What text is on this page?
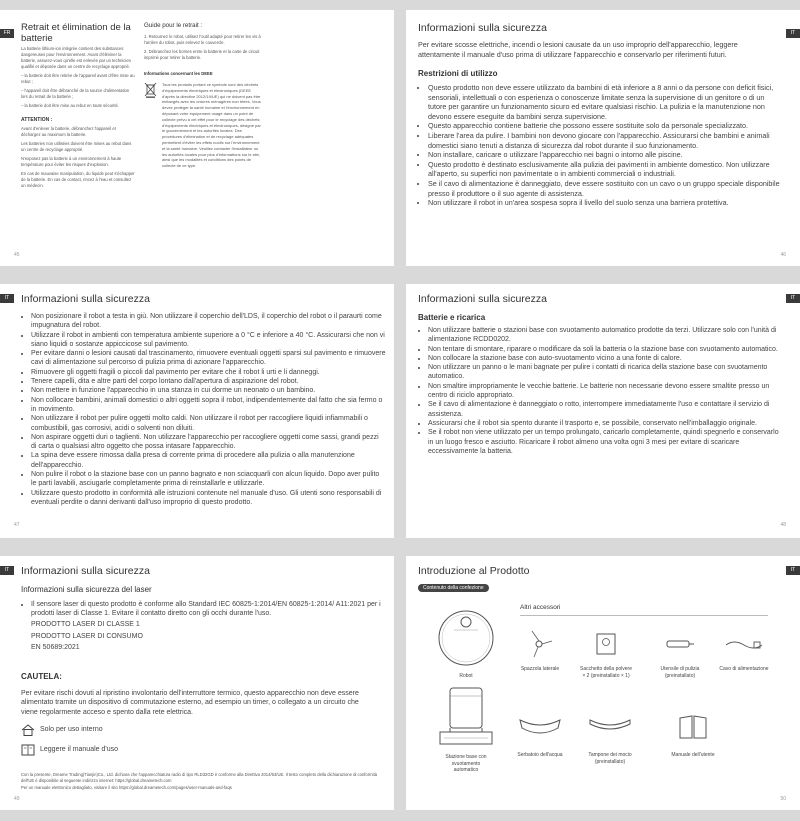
FR	Retrait et élimination de la batterie

La batterie lithium-ion intégrée contient des substances dangereuses pour l'environnement. Avant d'éliminer la batterie, assurez-vous qu'elle est enlevée par un technicien qualifié et déposée dans un centre de recyclage approprié.

– la batterie doit être retirée de l'appareil avant d'être mise au rebut ;

– l'appareil doit être débranché de la source d'alimentation lors du retrait de la batterie ;

– la batterie doit être mise au rebut en toute sécurité.

ATTENTION :

Avant d'enlever la batterie, débranchez l'appareil et déchargez au maximum la batterie.

Les batteries non utilisées doivent être mises au rebut dans un centre de recyclage approprié.

N'exposez pas la batterie à un environnement à haute température pour éviter les risques d'explosion.

En cas de mauvaise manipulation, du liquide peut s'échapper de la batterie. En cas de contact, rincez à l'eau et consultez un médecin.

Guide pour le retrait :

1. Retournez le robot, utilisez l'outil adapté pour retirer les vis à l'arrière du robot, puis enlevez le couvercle.

2. Débranchez les bornes entre la batterie et la carte de circuit imprimé pour retirer la batterie.

Informations concernant les DEEE

Tous les produits portant ce symbole sont des déchets d'équipements électriques et électroniques (DEEE d'après la directive 2012/19/UE) qui ne doivent pas être mélangés avec les ordures ménagères non triées. Vous devez protéger la santé humaine et l'environnement en déposant votre équipement usagé dans un point de collecte prévu à cet effet pour le recyclage des déchets d'équipements électriques et électroniques, désigné par le gouvernement et les autorités locales. Des procédures d'élimination et de recyclage adéquates permettent d'éviter les effets nocifs sur l'environnement et la santé humaine. Veuillez contacter l'installateur ou les autorités locales pour plus d'informations sur le site, ainsi que les modalités et conditions des points de collecte de ce type.

45
IT
Informazioni sulla sicurezza

Per evitare scosse elettriche, incendi o lesioni causate da un uso improprio dell'apparecchio, leggere attentamente il manuale d'uso prima di utilizzare l'apparecchio e conservarlo per riferimenti futuri.

Restrizioni di utilizzo

• Questo prodotto non deve essere utilizzato da bambini di età inferiore a 8 anni o da persone con deficit fisici, sensoriali, intellettuali o con esperienza o conoscenze limitate senza la supervisione di un genitore o di un tutore per garantire un funzionamento sicuro ed evitare qualsiasi rischio. La pulizia e la manutenzione non devono essere eseguite da bambini senza supervisione.
• Questo apparecchio contiene batterie che possono essere sostituite solo da personale specializzato.
• Liberare l'area da pulire. I bambini non devono giocare con l'apparecchio. Assicurarsi che bambini e animali domestici siano tenuti a distanza di sicurezza dal robot durante il suo funzionamento.
• Non installare, caricare o utilizzare l'apparecchio nei bagni o intorno alle piscine.
• Questo prodotto è destinato esclusivamente alla pulizia dei pavimenti in ambiente domestico. Non utilizzare all'aperto, su superfici non pavimentate o in ambienti commerciali o industriali.
• Se il cavo di alimentazione è danneggiato, deve essere sostituito con un cavo o un gruppo speciale disponibile presso il produttore o il suo agente di assistenza.
• Non utilizzare il robot in un'area sospesa sopra il livello del suolo senza una barriera protettiva.
46
IT	Informazioni sulla sicurezza
• Non posizionare il robot a testa in giù. Non utilizzare il coperchio dell'LDS, il coperchio del robot o il paraurti come impugnatura del robot.
• Utilizzare il robot in ambienti con temperatura ambiente superiore a 0 °C e inferiore a 40 °C. Assicurarsi che non vi siano liquidi o sostanze appiccicose sul pavimento.
• Per evitare danni o lesioni causati dal trascinamento, rimuovere eventuali oggetti sparsi sul pavimento e rimuovere cavi di alimentazione sul percorso di pulizia prima di azionare l'apparecchio.
• Rimuovere gli oggetti fragili o piccoli dal pavimento per evitare che il robot li urti e li danneggi.
• Tenere capelli, dita e altre parti del corpo lontano dall'apertura di aspirazione del robot.
• Non mettere in funzione l'apparecchio in una stanza in cui dorme un neonato o un bambino.
• Non collocare bambini, animali domestici o altri oggetti sopra il robot, indipendentemente dal fatto che sia fermo o in movimento.
• Non utilizzare il robot per pulire oggetti molto caldi. Non utilizzare il robot per raccogliere liquidi infiammabili o combustibili, gas corrosivi, acidi o solventi non diluiti.
• Non aspirare oggetti duri o taglienti. Non utilizzare l'apparecchio per raccogliere oggetti come sassi, grandi pezzi di carta o qualsiasi altro oggetto che possa intasare l'apparecchio.
• La spina deve essere rimossa dalla presa di corrente prima di procedere alla pulizia o alla manutenzione dell'apparecchio.
• Non pulire il robot o la stazione base con un panno bagnato e non sciacquarli con alcun liquido. Dopo aver pulito le parti lavabili, asciugarle completamente prima di reinstallarle e utilizzarle.
• Utilizzare questo prodotto in conformità alle istruzioni contenute nel manuale d'uso. Gli utenti sono responsabili di eventuali perdite o danni derivanti dall'uso improprio di questo prodotto.
47
IT
Informazioni sulla sicurezza

Batterie e ricarica

• Non utilizzare batterie o stazioni base con svuotamento automatico prodotte da terzi. Utilizzare solo con l'unità di alimentazione RCDD0202.
• Non tentare di smontare, riparare o modificare da soli la batteria o la stazione base con svuotamento automatico.
• Non collocare la stazione base con auto-svuotamento vicino a una fonte di calore.
• Non utilizzare un panno o le mani bagnate per pulire i contatti di ricarica della stazione base con svuotamento automatico.
• Non smaltire impropriamente le vecchie batterie. Le batterie non necessarie devono essere smaltite presso un centro di riciclo appropriato.
• Se il cavo di alimentazione è danneggiato o rotto, interrompere immediatamente l'uso e contattare il servizio di assistenza.
• Assicurarsi che il robot sia spento durante il trasporto e, se possibile, conservato nell'imballaggio originale.
• Se il robot non viene utilizzato per un tempo prolungato, caricarlo completamente, quindi spegnerlo e conservarlo in un luogo fresco e asciutto. Ricaricare il robot almeno una volta ogni 3 mesi per evitare di scaricare eccessivamente la batteria.
48
IT	Informazioni sulla sicurezza

Informazioni sulla sicurezza del laser

• Il sensore laser di questo prodotto è conforme allo Standard IEC 60825-1:2014/EN 60825-1:2014/ A11:2021 per i prodotti laser di Classe 1. Evitare il contatto diretto con gli occhi durante l'uso.
PRODOTTO LASER DI CLASSE 1
PRODOTTO LASER DI CONSUMO
EN 50689:2021

CAUTELA:

Per evitare rischi dovuti al ripristino involontario dell'interruttore termico, questo apparecchio non deve essere alimentato tramite un dispositivo di commutazione esterno, ad esempio un timer, o collegato a un circuito che viene regolarmente acceso e spento dalla rete elettrica.

Solo per uso interno
Leggere il manuale d'uso

Con la presente, Dreame Trading(Tianjin)Co., Ltd. dichiara che l'apparecchiatura radio di tipo RLD32GD è conforme alla Direttiva 2014/53/UE. Il testo completo della dichiarazione di conformità dell'UE è disponibile al seguente indirizzo internet: https://global.dreametech.com

Per un manuale elettronico dettagliato, visitare il sito https://global.dreametech.com/pages/user-manuals-and-faqs

49
IT
Introduzione al Prodotto
Contenuto della confezione
Robot
Stazione base con svuotamento automatico
Altri accessori
Spazzola laterale	Sacchetto della polvere × 2 (preinstallato × 1)
Utensile di pulizia (preinstallato)
Cavo di alimentazione
Serbatoio dell'acqua	Tampone dei mocio (preinstallato)
Manuale dell'utente
50
